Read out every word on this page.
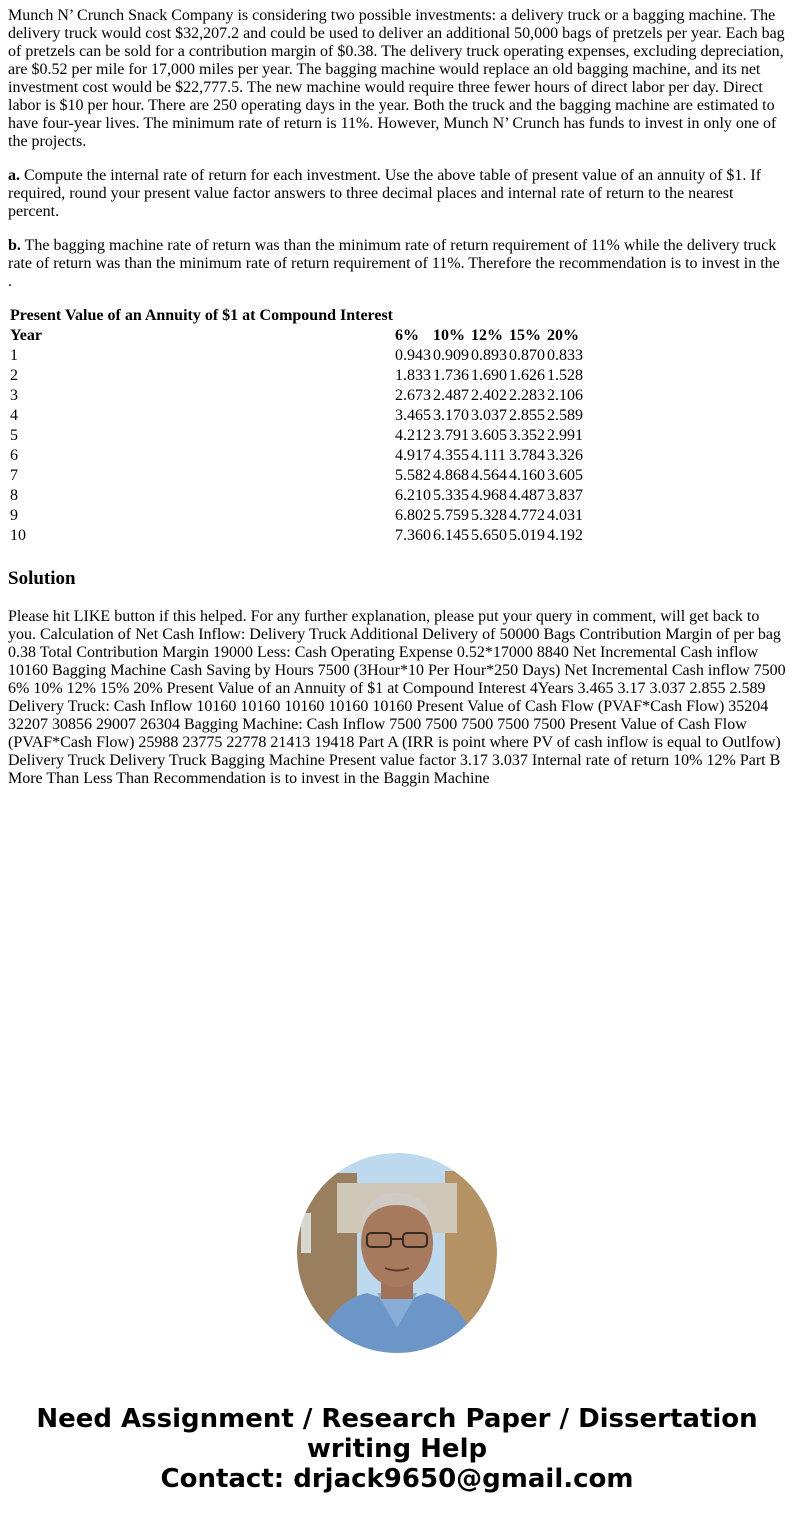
Munch N’ Crunch Snack Company is considering two possible investments: a delivery truck or a bagging machine. The delivery truck would cost $32,207.2 and could be used to deliver an additional 50,000 bags of pretzels per year. Each bag of pretzels can be sold for a contribution margin of $0.38. The delivery truck operating expenses, excluding depreciation, are $0.52 per mile for 17,000 miles per year. The bagging machine would replace an old bagging machine, and its net investment cost would be $22,777.5. The new machine would require three fewer hours of direct labor per day. Direct labor is $10 per hour. There are 250 operating days in the year. Both the truck and the bagging machine are estimated to have four-year lives. The minimum rate of return is 11%. However, Munch N’ Crunch has funds to invest in only one of the projects.

a. Compute the internal rate of return for each investment. Use the above table of present value of an annuity of $1. If required, round your present value factor answers to three decimal places and internal rate of return to the nearest percent.

b. The bagging machine rate of return was than the minimum rate of return requirement of 11% while the delivery truck rate of return was than the minimum rate of return requirement of 11%. Therefore the recommendation is to invest in the .

Present Value of an Annuity of $1 at Compound Interest					
Year	6%	10%	12%	15%	20%
1	0.943	0.909	0.893	0.870	0.833
2	1.833	1.736	1.690	1.626	1.528
3	2.673	2.487	2.402	2.283	2.106
4	3.465	3.170	3.037	2.855	2.589
5	4.212	3.791	3.605	3.352	2.991
6	4.917	4.355	4.111	3.784	3.326
7	5.582	4.868	4.564	4.160	3.605
8	6.210	5.335	4.968	4.487	3.837
9	6.802	5.759	5.328	4.772	4.031
10	7.360	6.145	5.650	5.019	4.192
Solution

Please hit LIKE button if this helped. For any further explanation, please put your query in comment, will get back to you. Calculation of Net Cash Inflow: Delivery Truck Additional Delivery of 50000 Bags Contribution Margin of per bag 0.38 Total Contribution Margin 19000 Less: Cash Operating Expense 0.52*17000 8840 Net Incremental Cash inflow 10160 Bagging Machine Cash Saving by Hours 7500 (3Hour*10 Per Hour*250 Days) Net Incremental Cash inflow 7500 6% 10% 12% 15% 20% Present Value of an Annuity of $1 at Compound Interest 4Years 3.465 3.17 3.037 2.855 2.589 Delivery Truck: Cash Inflow 10160 10160 10160 10160 10160 Present Value of Cash Flow (PVAF*Cash Flow) 35204 32207 30856 29007 26304 Bagging Machine: Cash Inflow 7500 7500 7500 7500 7500 Present Value of Cash Flow (PVAF*Cash Flow) 25988 23775 22778 21413 19418 Part A (IRR is point where PV of cash inflow is equal to Outlfow) Delivery Truck Delivery Truck Bagging Machine Present value factor 3.17 3.037 Internal rate of return 10% 12% Part B More Than Less Than Recommendation is to invest in the Baggin Machine

Need Assignment / Research Paper / Dissertation
writing Help
Contact: drjack9650@gmail.com
